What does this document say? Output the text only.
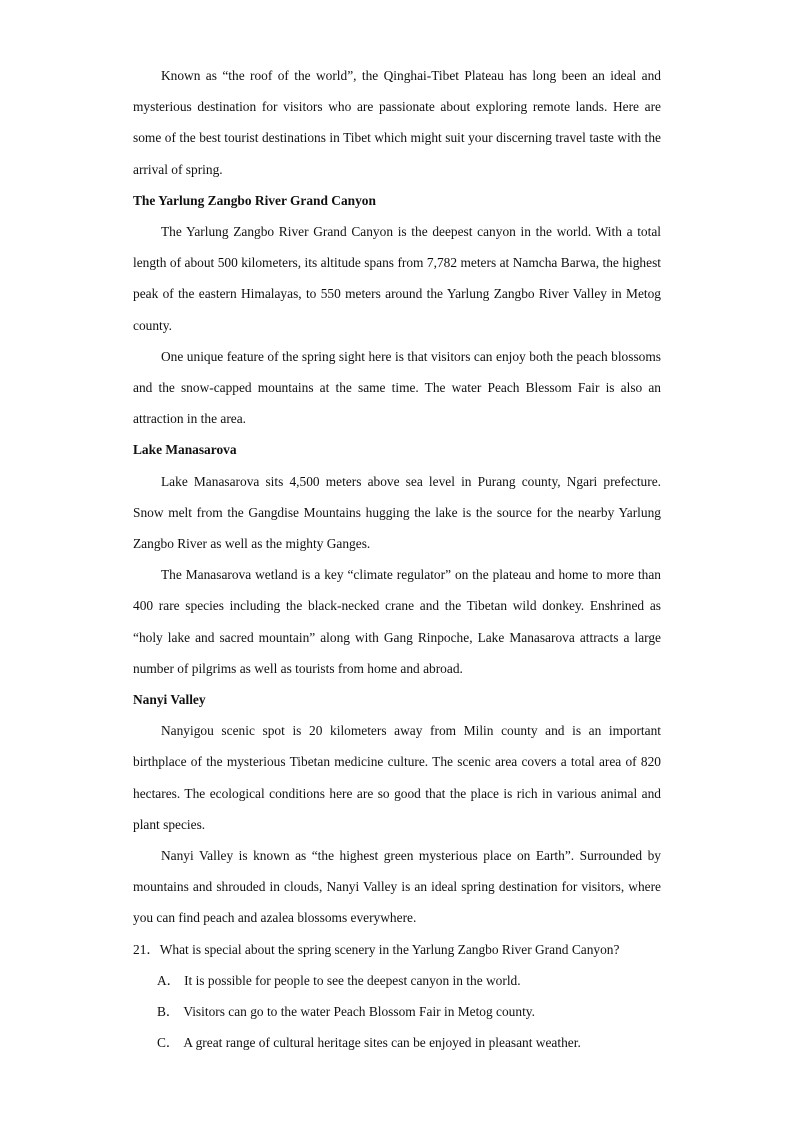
Known as “the roof of the world”, the Qinghai-Tibet Plateau has long been an ideal and mysterious destination for visitors who are passionate about exploring remote lands. Here are some of the best tourist destinations in Tibet which might suit your discerning travel taste with the arrival of spring.

The Yarlung Zangbo River Grand Canyon

The Yarlung Zangbo River Grand Canyon is the deepest canyon in the world. With a total length of about 500 kilometers, its altitude spans from 7,782 meters at Namcha Barwa, the highest peak of the eastern Himalayas, to 550 meters around the Yarlung Zangbo River Valley in Metog county.

One unique feature of the spring sight here is that visitors can enjoy both the peach blossoms and the snow-capped mountains at the same time. The water Peach Blessom Fair is also an attraction in the area.

Lake Manasarova

Lake Manasarova sits 4,500 meters above sea level in Purang county, Ngari prefecture. Snow melt from the Gangdise Mountains hugging the lake is the source for the nearby Yarlung Zangbo River as well as the mighty Ganges.

The Manasarova wetland is a key “climate regulator” on the plateau and home to more than 400 rare species including the black-necked crane and the Tibetan wild donkey. Enshrined as “holy lake and sacred mountain” along with Gang Rinpoche, Lake Manasarova attracts a large number of pilgrims as well as tourists from home and abroad.

Nanyi Valley

Nanyigou scenic spot is 20 kilometers away from Milin county and is an important birthplace of the mysterious Tibetan medicine culture. The scenic area covers a total area of 820 hectares. The ecological conditions here are so good that the place is rich in various animal and plant species.

Nanyi Valley is known as “the highest green mysterious place on Earth”. Surrounded by mountains and shrouded in clouds, Nanyi Valley is an ideal spring destination for visitors, where you can find peach and azalea blossoms everywhere.

21．What is special about the spring scenery in the Yarlung Zangbo River Grand Canyon?
A． It is possible for people to see the deepest canyon in the world.
B． Visitors can go to the water Peach Blossom Fair in Metog county.
C． A great range of cultural heritage sites can be enjoyed in pleasant weather.
